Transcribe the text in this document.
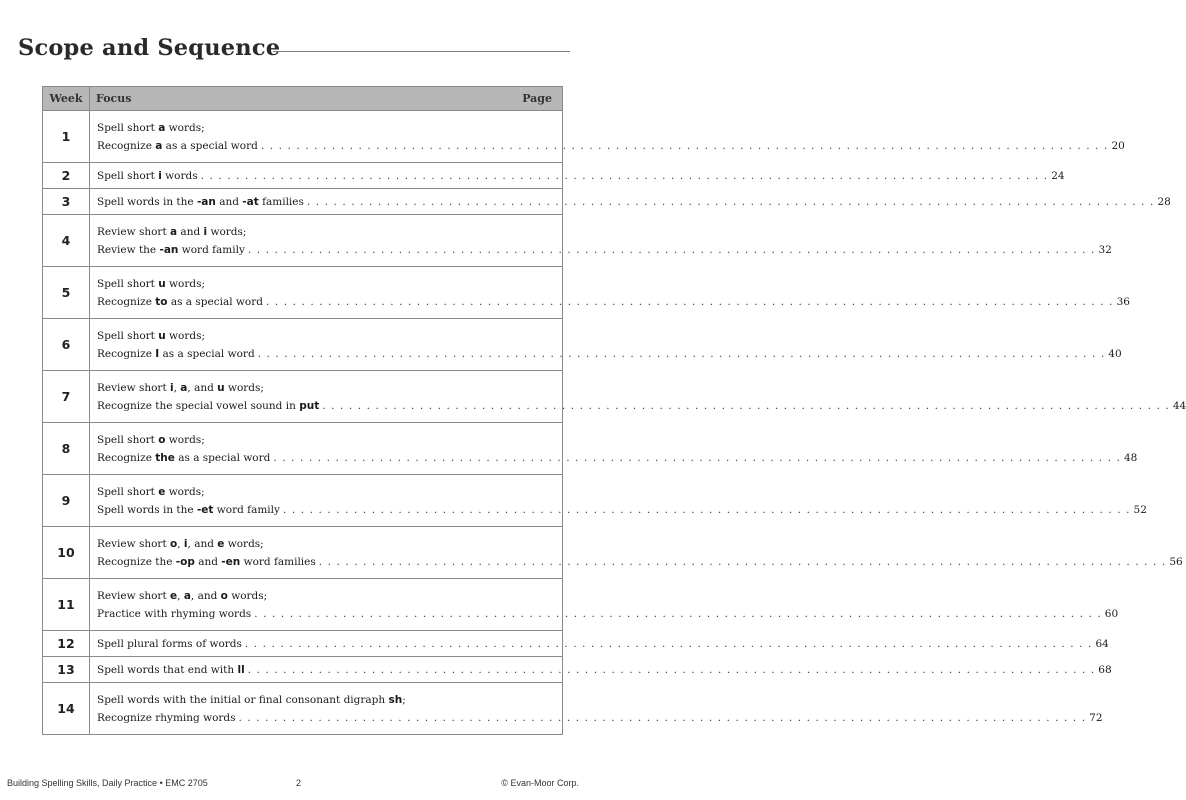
Scope and Sequence
Week	Focus Page

1	Spell short a words;
Recognize a as a special word . . . . . . . . . . . . . . . . . . . . . . . . . . . . . . . . . . . . . . . . . . . . . . . . . . . . . . . . . . . . . . . . . . . . . . . . . . . . . . . . . . . . . . . . . . . . . . . . 20

2	Spell short i words . . . . . . . . . . . . . . . . . . . . . . . . . . . . . . . . . . . . . . . . . . . . . . . . . . . . . . . . . . . . . . . . . . . . . . . . . . . . . . . . . . . . . . . . . . . . . . . . 24

3	Spell words in the -an and -at families . . . . . . . . . . . . . . . . . . . . . . . . . . . . . . . . . . . . . . . . . . . . . . . . . . . . . . . . . . . . . . . . . . . . . . . . . . . . . . . . . . . . . . . . . . . . . . . . 28

4	Review short a and i words;
Review the -an word family . . . . . . . . . . . . . . . . . . . . . . . . . . . . . . . . . . . . . . . . . . . . . . . . . . . . . . . . . . . . . . . . . . . . . . . . . . . . . . . . . . . . . . . . . . . . . . . . 32

5	Spell short u words;
Recognize to as a special word . . . . . . . . . . . . . . . . . . . . . . . . . . . . . . . . . . . . . . . . . . . . . . . . . . . . . . . . . . . . . . . . . . . . . . . . . . . . . . . . . . . . . . . . . . . . . . . . 36

6	Spell short u words;
Recognize I as a special word . . . . . . . . . . . . . . . . . . . . . . . . . . . . . . . . . . . . . . . . . . . . . . . . . . . . . . . . . . . . . . . . . . . . . . . . . . . . . . . . . . . . . . . . . . . . . . . . 40

7	Review short i, a, and u words;
Recognize the special vowel sound in put . . . . . . . . . . . . . . . . . . . . . . . . . . . . . . . . . . . . . . . . . . . . . . . . . . . . . . . . . . . . . . . . . . . . . . . . . . . . . . . . . . . . . . . . . . . . . . . . 44

8	Spell short o words;
Recognize the as a special word . . . . . . . . . . . . . . . . . . . . . . . . . . . . . . . . . . . . . . . . . . . . . . . . . . . . . . . . . . . . . . . . . . . . . . . . . . . . . . . . . . . . . . . . . . . . . . . . 48

9	Spell short e words;
Spell words in the -et word family . . . . . . . . . . . . . . . . . . . . . . . . . . . . . . . . . . . . . . . . . . . . . . . . . . . . . . . . . . . . . . . . . . . . . . . . . . . . . . . . . . . . . . . . . . . . . . . . 52

10	Review short o, i, and e words;
Recognize the -op and -en word families . . . . . . . . . . . . . . . . . . . . . . . . . . . . . . . . . . . . . . . . . . . . . . . . . . . . . . . . . . . . . . . . . . . . . . . . . . . . . . . . . . . . . . . . . . . . . . . . 56

11	Review short e, a, and o words;
Practice with rhyming words . . . . . . . . . . . . . . . . . . . . . . . . . . . . . . . . . . . . . . . . . . . . . . . . . . . . . . . . . . . . . . . . . . . . . . . . . . . . . . . . . . . . . . . . . . . . . . . . 60

12	Spell plural forms of words . . . . . . . . . . . . . . . . . . . . . . . . . . . . . . . . . . . . . . . . . . . . . . . . . . . . . . . . . . . . . . . . . . . . . . . . . . . . . . . . . . . . . . . . . . . . . . . . 64

13	Spell words that end with ll . . . . . . . . . . . . . . . . . . . . . . . . . . . . . . . . . . . . . . . . . . . . . . . . . . . . . . . . . . . . . . . . . . . . . . . . . . . . . . . . . . . . . . . . . . . . . . . . 68

14	Spell words with the initial or final consonant digraph sh;
Recognize rhyming words . . . . . . . . . . . . . . . . . . . . . . . . . . . . . . . . . . . . . . . . . . . . . . . . . . . . . . . . . . . . . . . . . . . . . . . . . . . . . . . . . . . . . . . . . . . . . . . . 72
Building Spelling Skills, Daily Practice • EMC 2705	2	© Evan-Moor Corp.
